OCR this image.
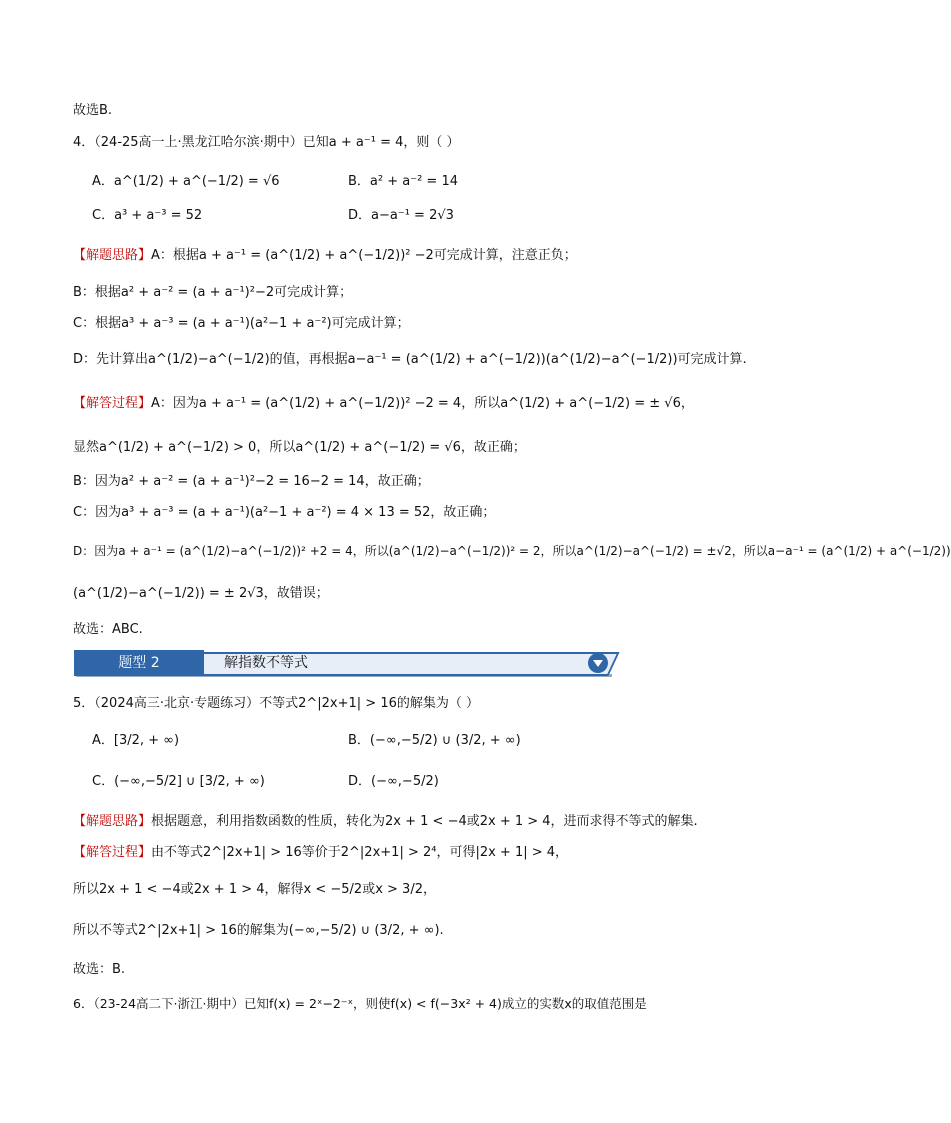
故选B.
4．（24-25高一上·黑龙江哈尔滨·期中）已知a + a⁻¹ = 4，则（ ）
A．a^(1/2) + a^(−1/2) = √6	B．a² + a⁻² = 14
C．a³ + a⁻³ = 52	D．a−a⁻¹ = 2√3
【解题思路】A：根据a + a⁻¹ = (a^(1/2) + a^(−1/2))² −2可完成计算，注意正负；
B：根据a² + a⁻² = (a + a⁻¹)²−2可完成计算；
C：根据a³ + a⁻³ = (a + a⁻¹)(a²−1 + a⁻²)可完成计算；
D：先计算出a^(1/2)−a^(−1/2)的值，再根据a−a⁻¹ = (a^(1/2) + a^(−1/2))(a^(1/2)−a^(−1/2))可完成计算.
【解答过程】A：因为a + a⁻¹ = (a^(1/2) + a^(−1/2))² −2 = 4，所以a^(1/2) + a^(−1/2) = ± √6，
显然a^(1/2) + a^(−1/2) > 0，所以a^(1/2) + a^(−1/2) = √6，故正确；
B：因为a² + a⁻² = (a + a⁻¹)²−2 = 16−2 = 14，故正确；
C：因为a³ + a⁻³ = (a + a⁻¹)(a²−1 + a⁻²) = 4 × 13 = 52，故正确；
D：因为a + a⁻¹ = (a^(1/2)−a^(−1/2))² +2 = 4，所以(a^(1/2)−a^(−1/2))² = 2，所以a^(1/2)−a^(−1/2) = ±√2，所以a−a⁻¹ = (a^(1/2) + a^(−1/2))
(a^(1/2)−a^(−1/2)) = ± 2√3，故错误；
故选：ABC.
题型 2	解指数不等式
5．（2024高三·北京·专题练习）不等式2^|2x+1| > 16的解集为（ ）
A．[3/2, + ∞)	B．(−∞,−5/2) ∪ (3/2, + ∞)
C．(−∞,−5/2] ∪ [3/2, + ∞)	D．(−∞,−5/2)
【解题思路】根据题意，利用指数函数的性质，转化为2x + 1 < −4或2x + 1 > 4，进而求得不等式的解集.
【解答过程】由不等式2^|2x+1| > 16等价于2^|2x+1| > 2⁴，可得|2x + 1| > 4，
所以2x + 1 < −4或2x + 1 > 4，解得x < −5/2或x > 3/2，
所以不等式2^|2x+1| > 16的解集为(−∞,−5/2) ∪ (3/2, + ∞).
故选：B.
6．（23-24高二下·浙江·期中）已知f(x) = 2ˣ−2⁻ˣ，则使f(x) < f(−3x² + 4)成立的实数x的取值范围是
